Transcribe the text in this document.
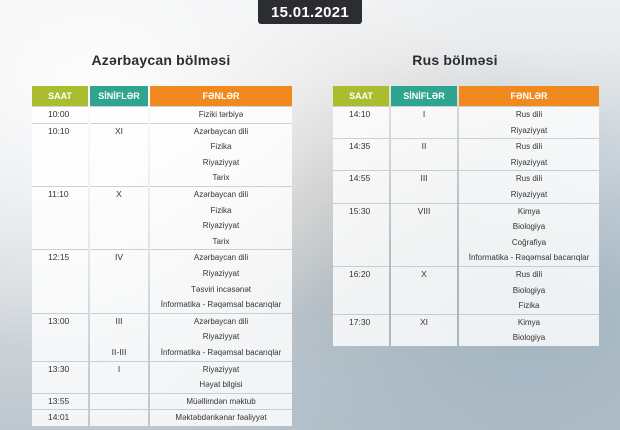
15.01.2021
Azərbaycan bölməsi	Rus bölməsi
SAAT	SİNİFLƏR	FƏNLƏR
10:00		Fiziki tərbiyə
10:10	XI	Azərbaycan dili
		Fizika
		Riyaziyyat
		Tarix
11:10	X	Azərbaycan dili
		Fizika
		Riyaziyyat
		Tarix
12:15	IV	Azərbaycan dili
		Riyaziyyat
		Təsviri incəsənət
		İnformatika - Rəqəmsal bacarıqlar
13:00	III	Azərbaycan dili
		Riyaziyyat
	II-III	İnformatika - Rəqəmsal bacarıqlar
13:30	I	Riyaziyyat
		Həyat bilgisi
13:55		Müəllimdən məktub
14:01		Məktəbdənkənar fəaliyyət
SAAT	SİNİFLƏR	FƏNLƏR
14:10	I	Rus dili
		Riyaziyyat
14:35	II	Rus dili
		Riyaziyyat
14:55	III	Rus dili
		Riyaziyyat
15:30	VIII	Kimya
		Biologiya
		Coğrafiya
		İnformatika - Rəqəmsal bacarıqlar
16:20	X	Rus dili
		Biologiya
		Fizika
17:30	XI	Kimya
		Biologiya
